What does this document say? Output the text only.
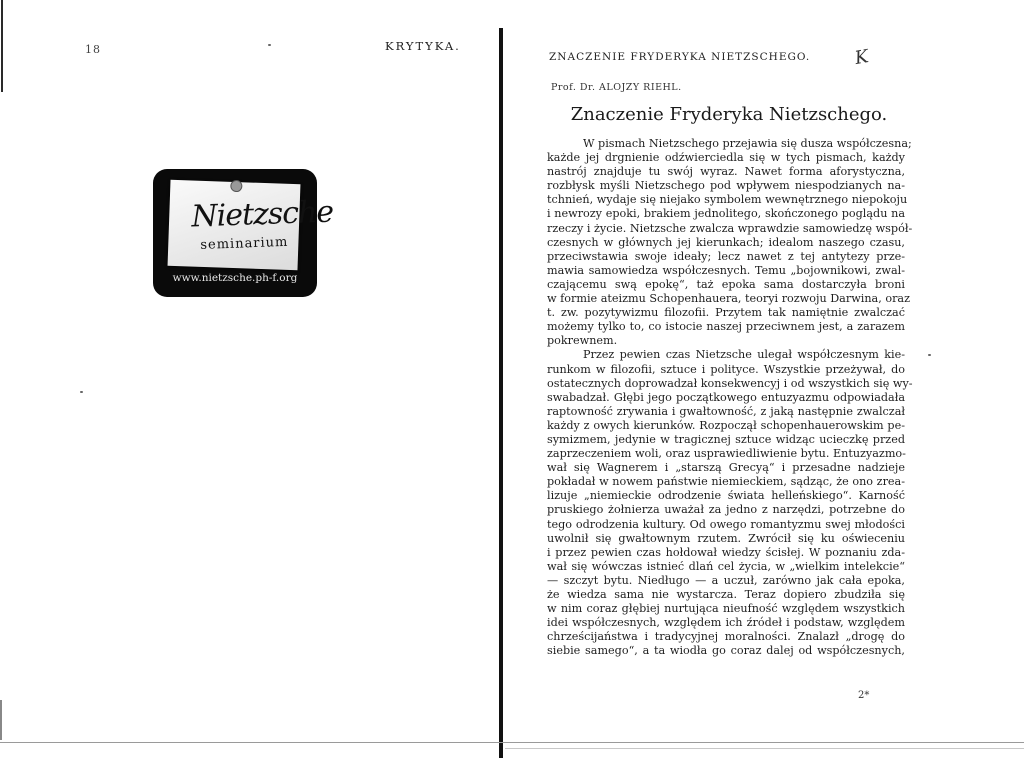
18	KRYTYKA.
Nietzsche
seminarium
www.nietzsche.ph-f.org
ZNACZENIE FRYDERYKA NIETZSCHEGO. K
Prof. Dr. ALOJZY RIEHL.
Znaczenie Fryderyka Nietzschego.
W pismach Nietzschego przejawia się dusza współczesna;
każde jej drgnienie odźwierciedla się w tych pismach, każdy
nastrój znajduje tu swój wyraz. Nawet forma aforystyczna,
rozbłysk myśli Nietzschego pod wpływem niespodzianych na-
tchnień, wydaje się niejako symbolem wewnętrznego niepokoju
i newrozy epoki, brakiem jednolitego, skończonego poglądu na
rzeczy i życie. Nietzsche zwalcza wprawdzie samowiedzę współ-
czesnych w głównych jej kierunkach; idealom naszego czasu,
przeciwstawia swoje ideały; lecz nawet z tej antytezy prze-
mawia samowiedza współczesnych. Temu „bojownikowi, zwal-
czającemu swą epokę“, taż epoka sama dostarczyła broni
w formie ateizmu Schopenhauera, teoryi rozwoju Darwina, oraz
t. zw. pozytywizmu filozofii. Przytem tak namiętnie zwalczać
możemy tylko to, co istocie naszej przeciwnem jest, a zarazem
pokrewnem.
Przez pewien czas Nietzsche ulegał współczesnym kie-
runkom w filozofii, sztuce i polityce. Wszystkie przeżywał, do
ostatecznych doprowadzał konsekwencyj i od wszystkich się wy-
swabadzał. Głębi jego początkowego entuzyazmu odpowiadała
raptowność zrywania i gwałtowność, z jaką następnie zwalczał
każdy z owych kierunków. Rozpoczął schopenhauerowskim pe-
symizmem, jedynie w tragicznej sztuce widząc ucieczkę przed
zaprzeczeniem woli, oraz usprawiedliwienie bytu. Entuzyazmo-
wał się Wagnerem i „starszą Grecyą“ i przesadne nadzieje
pokładał w nowem państwie niemieckiem, sądząc, że ono zrea-
lizuje „niemieckie odrodzenie świata helleńskiego“. Karność
pruskiego żołnierza uważał za jedno z narzędzi, potrzebne do
tego odrodzenia kultury. Od owego romantyzmu swej młodości
uwolnił się gwałtownym rzutem. Zwrócił się ku oświeceniu
i przez pewien czas hołdował wiedzy ścisłej. W poznaniu zda-
wał się wówczas istnieć dlań cel życia, w „wielkim intelekcie“
— szczyt bytu. Niedługo — a uczuł, zarówno jak cała epoka,
że wiedza sama nie wystarcza. Teraz dopiero zbudziła się
w nim coraz głębiej nurtująca nieufność względem wszystkich
idei współczesnych, względem ich źródeł i podstaw, względem
chrześcijaństwa i tradycyjnej moralności. Znalazł „drogę do
siebie samego“, a ta wiodła go coraz dalej od współczesnych,
2*
